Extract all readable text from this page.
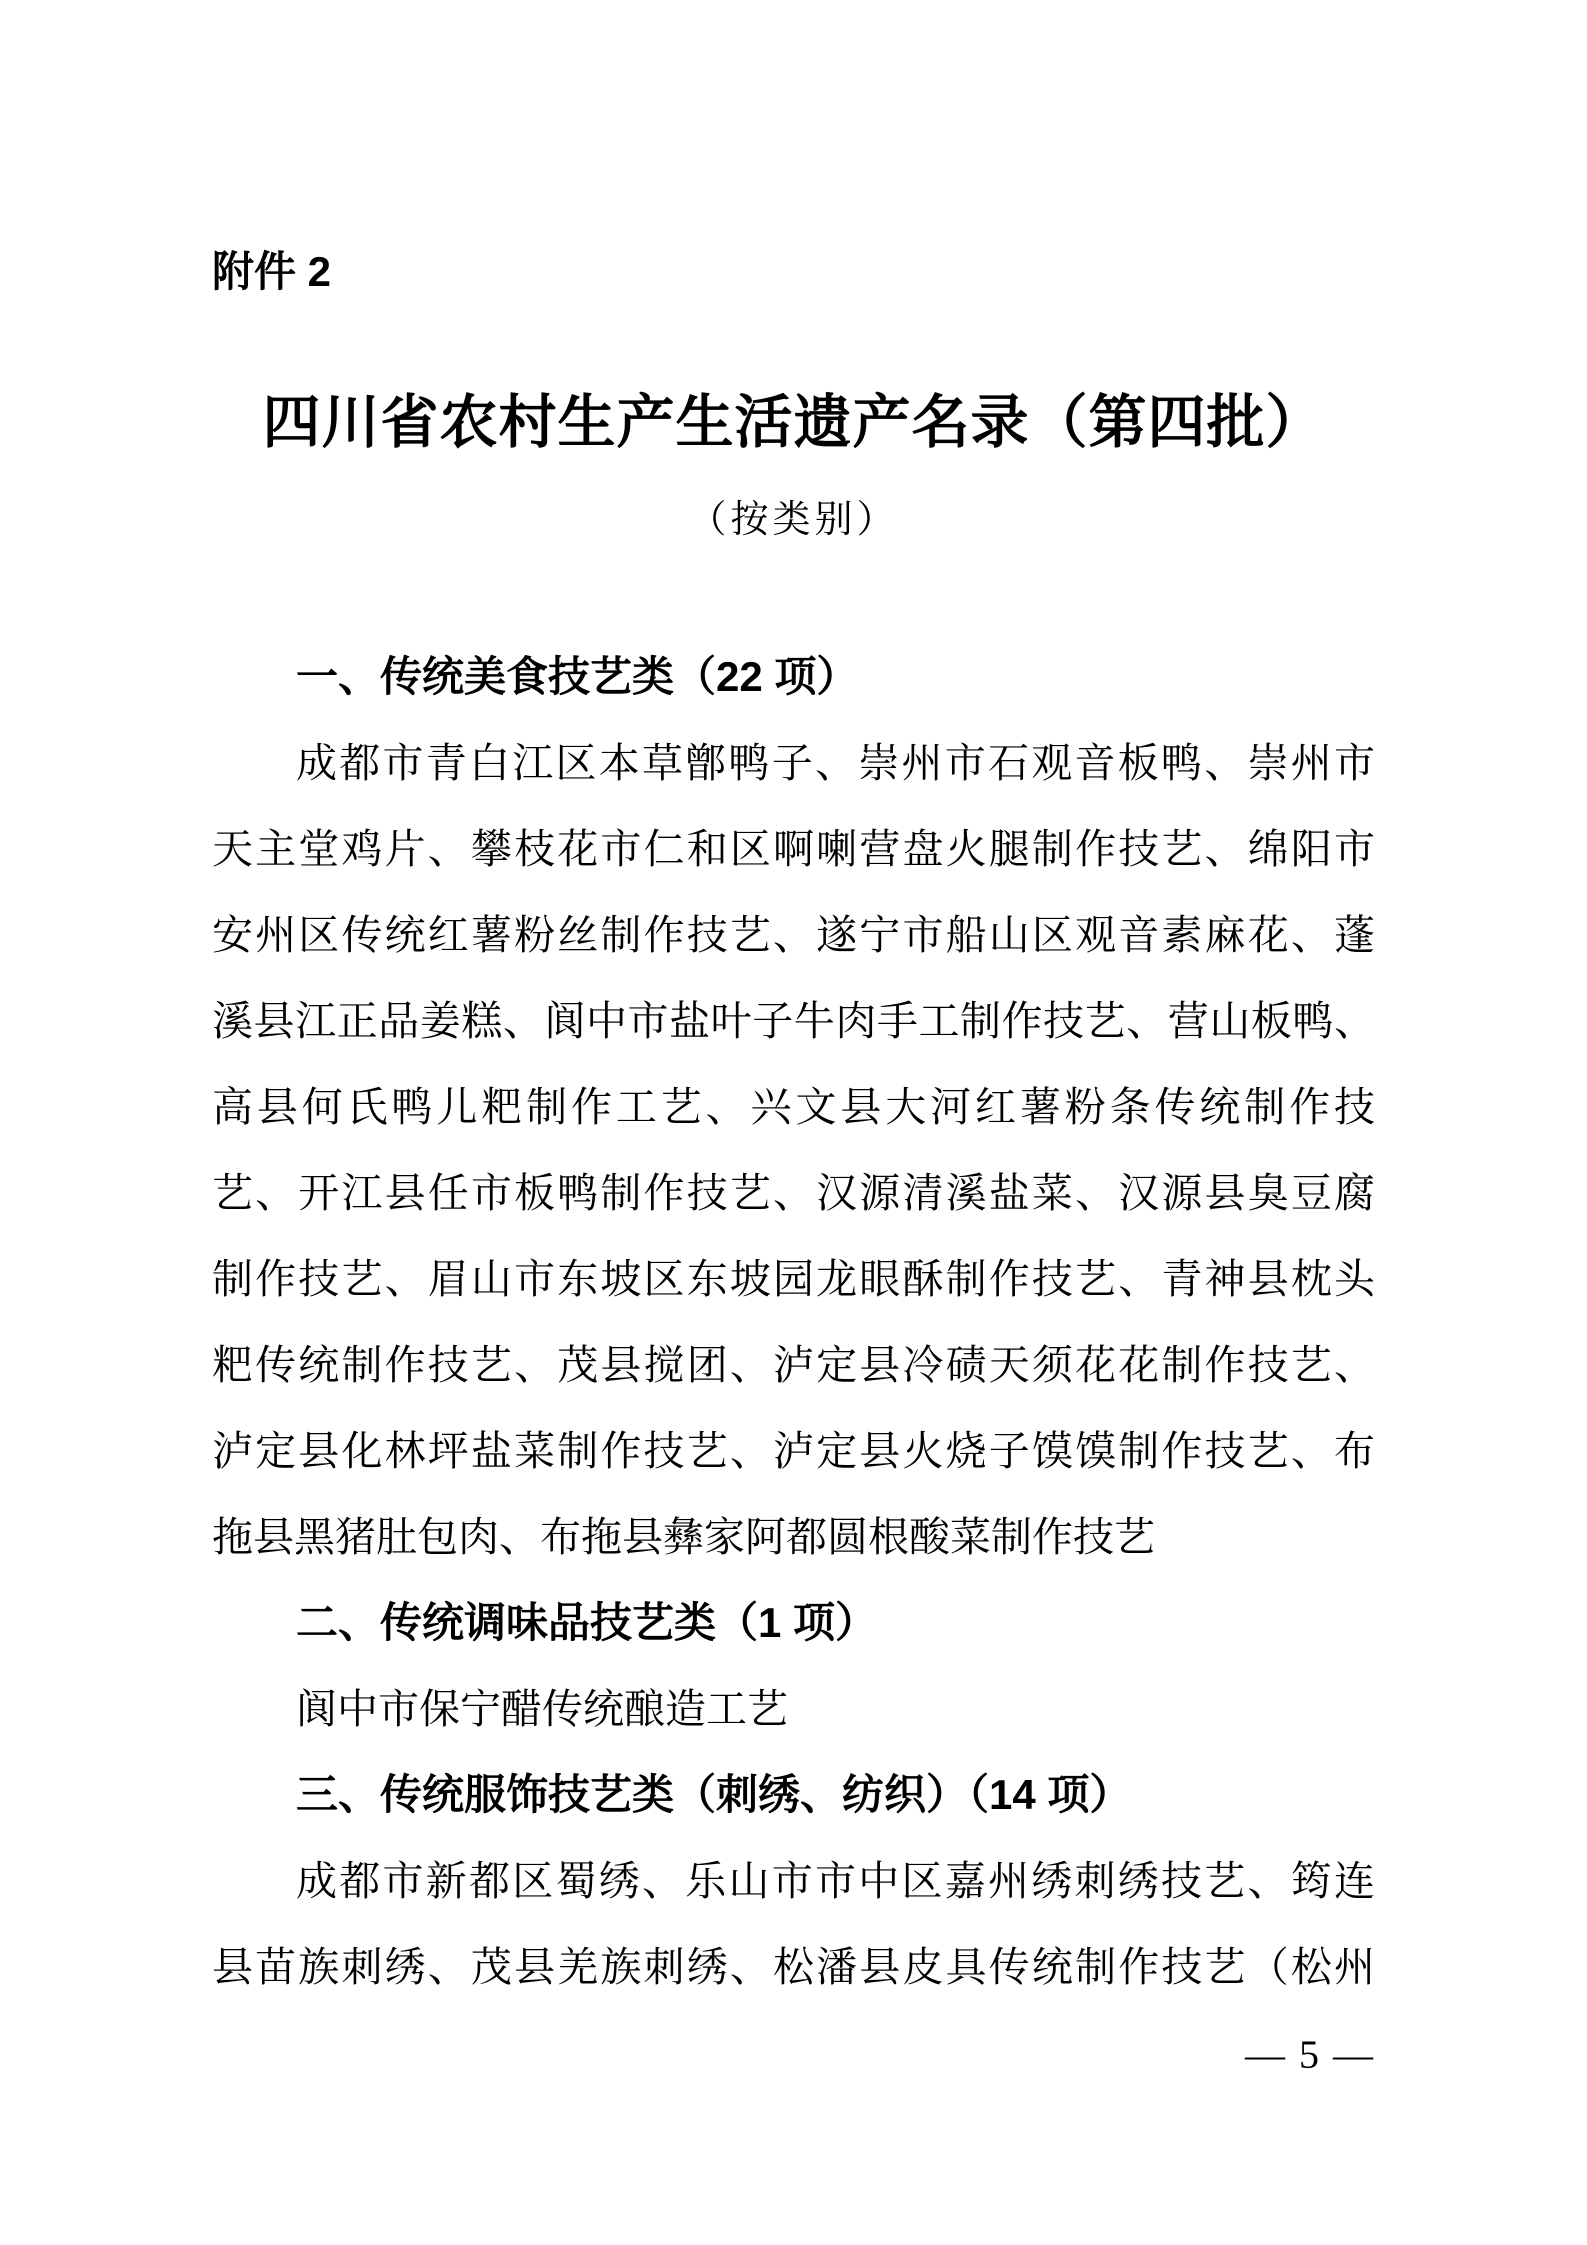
附件 2
四川省农村生产生活遗产名录（第四批）
（按类别）
一、传统美食技艺类（22 项）
成都市青白江区本草鄫鸭子、崇州市石观音板鸭、崇州市
天主堂鸡片、攀枝花市仁和区啊喇营盘火腿制作技艺、绵阳市
安州区传统红薯粉丝制作技艺、遂宁市船山区观音素麻花、蓬
溪县江正品姜糕、阆中市盐叶子牛肉手工制作技艺、营山板鸭、
高县何氏鸭儿粑制作工艺、兴文县大河红薯粉条传统制作技
艺、开江县任市板鸭制作技艺、汉源清溪盐菜、汉源县臭豆腐
制作技艺、眉山市东坡区东坡园龙眼酥制作技艺、青神县枕头
粑传统制作技艺、茂县搅团、泸定县冷碛天须花花制作技艺、
泸定县化林坪盐菜制作技艺、泸定县火烧子馍馍制作技艺、布
拖县黑猪肚包肉、布拖县彝家阿都圆根酸菜制作技艺
二、传统调味品技艺类（1 项）
阆中市保宁醋传统酿造工艺
三、传统服饰技艺类（刺绣、纺织）（14 项）
成都市新都区蜀绣、乐山市市中区嘉州绣刺绣技艺、筠连
县苗族刺绣、茂县羌族刺绣、松潘县皮具传统制作技艺（松州
— 5 —
